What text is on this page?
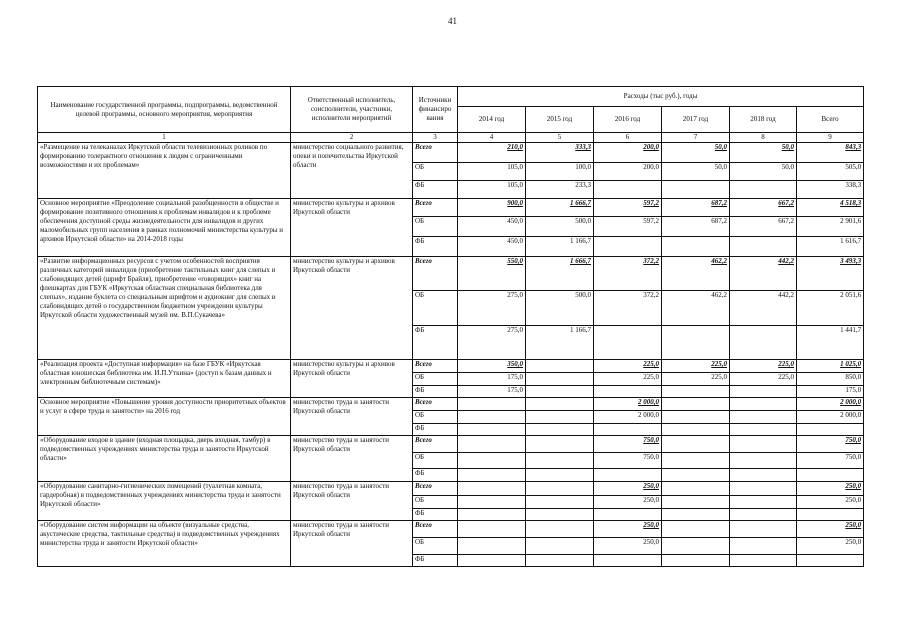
41
Наименование государственной программы, подпрограммы, ведомственной целевой программы, основного мероприятия, мероприятия	Ответственный исполнитель, соисполнители, участники, исполнители мероприятий	Источники финансиро вания	Расходы (тыс руб.), годы					
			2014 год	2015 год	2016 год	2017 год	2018 год	Всего
1	2	3	4	5	6	7	8	9
«Размещение на телеканалах Иркутской области телевизионных роликов по формированию толерантного отношения к людям с ограниченными возможностями и их проблемам»	министерство социального развития, опеки и попечительства Иркутской области	Всего	210,0	333,3	200,0	50,0	50,0	843,3
		ОБ	105,0	100,0	200,0	50,0	50,0	505,0
		ФБ	105,0	233,3				338,3
Основное мероприятие «Преодоление социальной разобщенности в обществе и формирование позитивного отношения к проблемам инвалидов и к проблеме обеспечения доступной среды жизнедеятельности для инвалидов и других маломобильных групп населения в рамках полномочий министерства культуры и архивов Иркутской области» на 2014-2018 годы	министерство культуры и архивов Иркутской области	Всего	900,0	1 666,7	597,2	687,2	667,2	4 518,3
		ОБ	450,0	500,0	597,2	687,2	667,2	2 901,6
		ФБ	450,0	1 166,7				1 616,7
«Развитие информационных ресурсов с учетом особенностей восприятия различных категорий инвалидов (приобретение тактильных книг для слепых и слабовидящих детей (шрифт Брайля), приобретение «говорящих» книг на флешкартах для ГБУК «Иркутская областная специальная библиотека для слепых», издание буклета со специальным шрифтом и аудиокниг для слепых и слабовидящих детей о государственном бюджетном учреждении культуры Иркутской области художественный музей им. В.П.Сукачева»	министерство культуры и архивов Иркутской области	Всего	550,0	1 666,7	372,2	462,2	442,2	3 493,3
		ОБ	275,0	500,0	372,2	462,2	442,2	2 051,6
		ФБ	275,0	1 166,7				1 441,7
«Реализация проекта «Доступная информация» на базе ГБУК «Иркутская областная юношеская библиотека им. И.П.Уткина» (доступ к базам данных и электронным библиотечным системам)»	министерство культуры и архивов Иркутской области	Всего	350,0		225,0	225,0	225,0	1 025,0
		ОБ	175,0		225,0	225,0	225,0	850,0
		ФБ	175,0					175,0
Основное мероприятие «Повышение уровня доступности приоритетных объектов и услуг в сфере труда и занятости» на 2016 год	министерство труда и занятости Иркутской области	Всего			2 000,0			2 000,0
		ОБ			2 000,0			2 000,0
		ФБ						
«Оборудование входов в здание (входная площадка, дверь входная, тамбур) в подведомственных учреждениях министерства труда и занятости Иркутской области»	министерство труда и занятости Иркутской области	Всего			750,0			750,0
		ОБ			750,0			750,0
		ФБ						
«Оборудование санитарно-гигиенических помещений (туалетная комната, гардеробная) в подведомственных учреждениях министерства труда и занятости Иркутской области»	министерство труда и занятости Иркутской области	Всего			250,0			250,0
		ОБ			250,0			250,0
		ФБ						
«Оборудование систем информации на объекте (визуальные средства, акустические средства, тактильные средства) в подведомственных учреждениях министерства труда и занятости Иркутской области»	министерство труда и занятости Иркутской области	Всего			250,0			250,0
		ОБ			250,0			250,0
		ФБ						
